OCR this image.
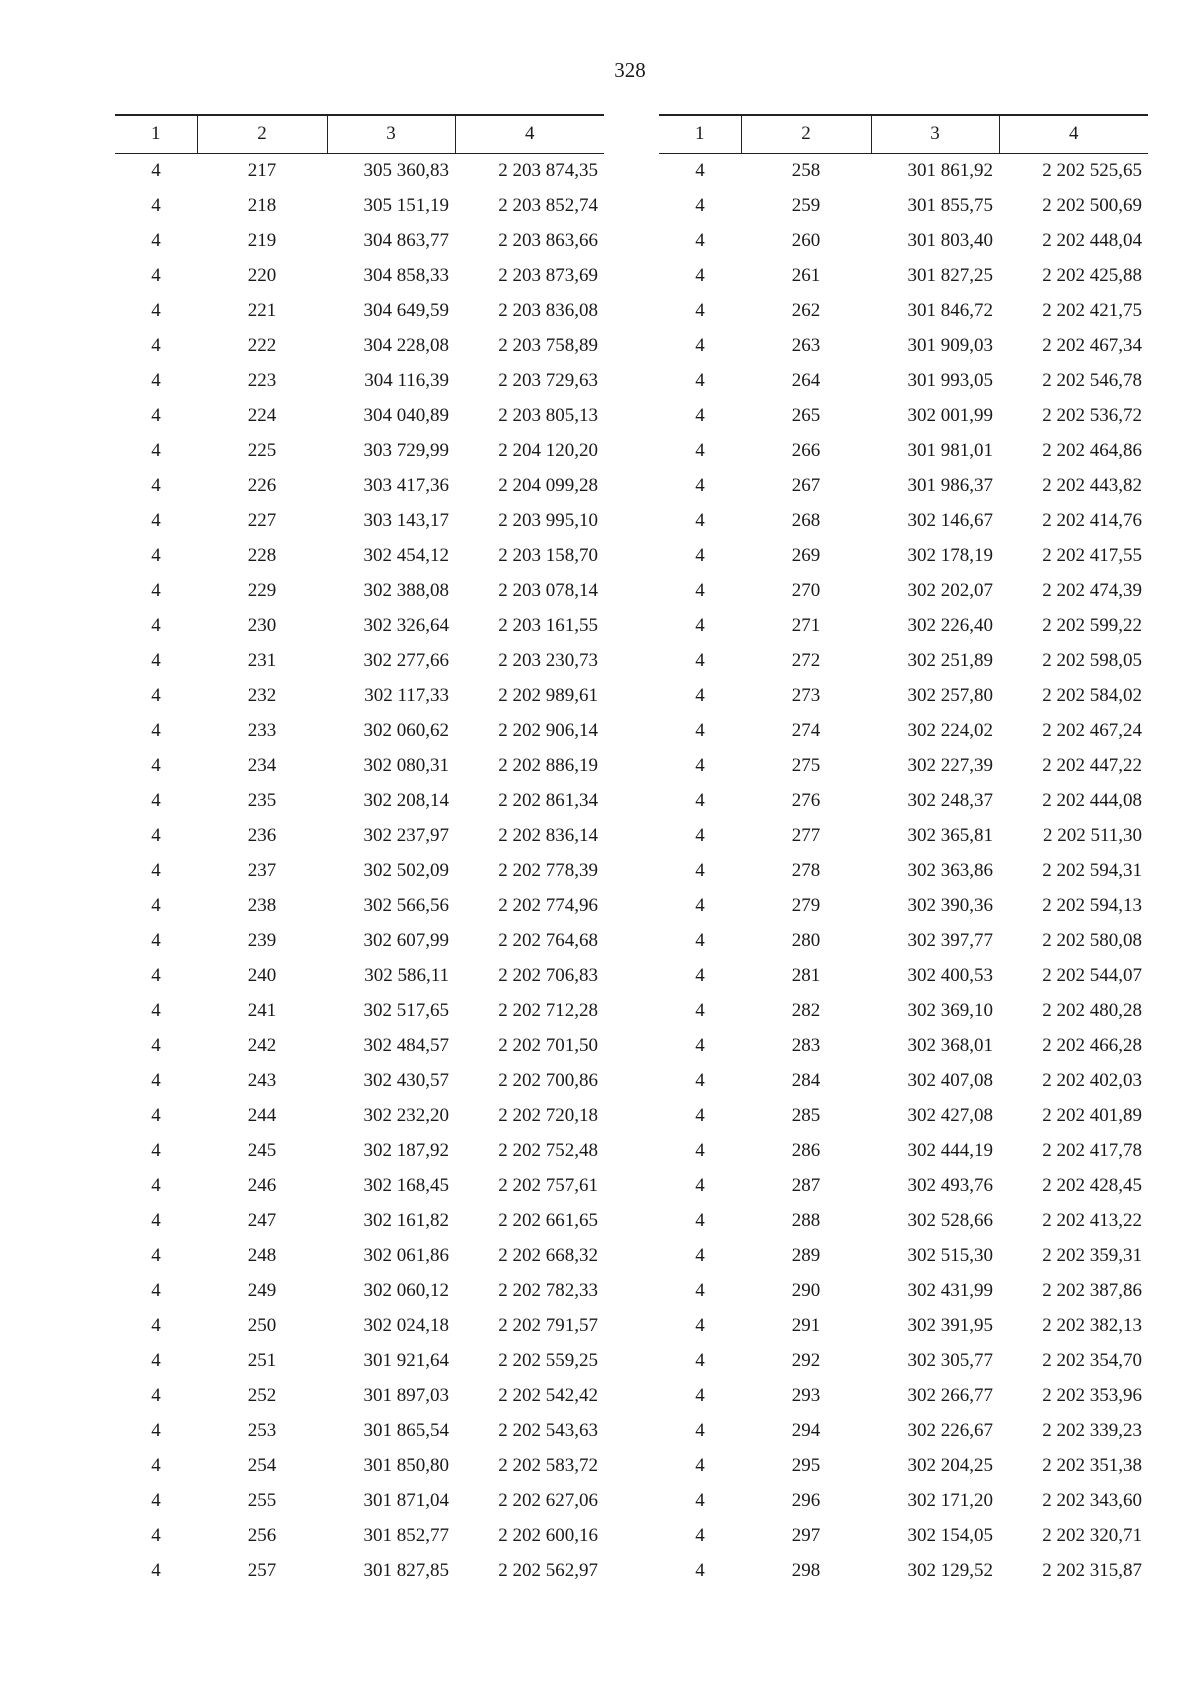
328
1	2	3	4
4	217	305 360,83	2 203 874,35
4	218	305 151,19	2 203 852,74
4	219	304 863,77	2 203 863,66
4	220	304 858,33	2 203 873,69
4	221	304 649,59	2 203 836,08
4	222	304 228,08	2 203 758,89
4	223	304 116,39	2 203 729,63
4	224	304 040,89	2 203 805,13
4	225	303 729,99	2 204 120,20
4	226	303 417,36	2 204 099,28
4	227	303 143,17	2 203 995,10
4	228	302 454,12	2 203 158,70
4	229	302 388,08	2 203 078,14
4	230	302 326,64	2 203 161,55
4	231	302 277,66	2 203 230,73
4	232	302 117,33	2 202 989,61
4	233	302 060,62	2 202 906,14
4	234	302 080,31	2 202 886,19
4	235	302 208,14	2 202 861,34
4	236	302 237,97	2 202 836,14
4	237	302 502,09	2 202 778,39
4	238	302 566,56	2 202 774,96
4	239	302 607,99	2 202 764,68
4	240	302 586,11	2 202 706,83
4	241	302 517,65	2 202 712,28
4	242	302 484,57	2 202 701,50
4	243	302 430,57	2 202 700,86
4	244	302 232,20	2 202 720,18
4	245	302 187,92	2 202 752,48
4	246	302 168,45	2 202 757,61
4	247	302 161,82	2 202 661,65
4	248	302 061,86	2 202 668,32
4	249	302 060,12	2 202 782,33
4	250	302 024,18	2 202 791,57
4	251	301 921,64	2 202 559,25
4	252	301 897,03	2 202 542,42
4	253	301 865,54	2 202 543,63
4	254	301 850,80	2 202 583,72
4	255	301 871,04	2 202 627,06
4	256	301 852,77	2 202 600,16
4	257	301 827,85	2 202 562,97
1	2	3	4
4	258	301 861,92	2 202 525,65
4	259	301 855,75	2 202 500,69
4	260	301 803,40	2 202 448,04
4	261	301 827,25	2 202 425,88
4	262	301 846,72	2 202 421,75
4	263	301 909,03	2 202 467,34
4	264	301 993,05	2 202 546,78
4	265	302 001,99	2 202 536,72
4	266	301 981,01	2 202 464,86
4	267	301 986,37	2 202 443,82
4	268	302 146,67	2 202 414,76
4	269	302 178,19	2 202 417,55
4	270	302 202,07	2 202 474,39
4	271	302 226,40	2 202 599,22
4	272	302 251,89	2 202 598,05
4	273	302 257,80	2 202 584,02
4	274	302 224,02	2 202 467,24
4	275	302 227,39	2 202 447,22
4	276	302 248,37	2 202 444,08
4	277	302 365,81	2 202 511,30
4	278	302 363,86	2 202 594,31
4	279	302 390,36	2 202 594,13
4	280	302 397,77	2 202 580,08
4	281	302 400,53	2 202 544,07
4	282	302 369,10	2 202 480,28
4	283	302 368,01	2 202 466,28
4	284	302 407,08	2 202 402,03
4	285	302 427,08	2 202 401,89
4	286	302 444,19	2 202 417,78
4	287	302 493,76	2 202 428,45
4	288	302 528,66	2 202 413,22
4	289	302 515,30	2 202 359,31
4	290	302 431,99	2 202 387,86
4	291	302 391,95	2 202 382,13
4	292	302 305,77	2 202 354,70
4	293	302 266,77	2 202 353,96
4	294	302 226,67	2 202 339,23
4	295	302 204,25	2 202 351,38
4	296	302 171,20	2 202 343,60
4	297	302 154,05	2 202 320,71
4	298	302 129,52	2 202 315,87
